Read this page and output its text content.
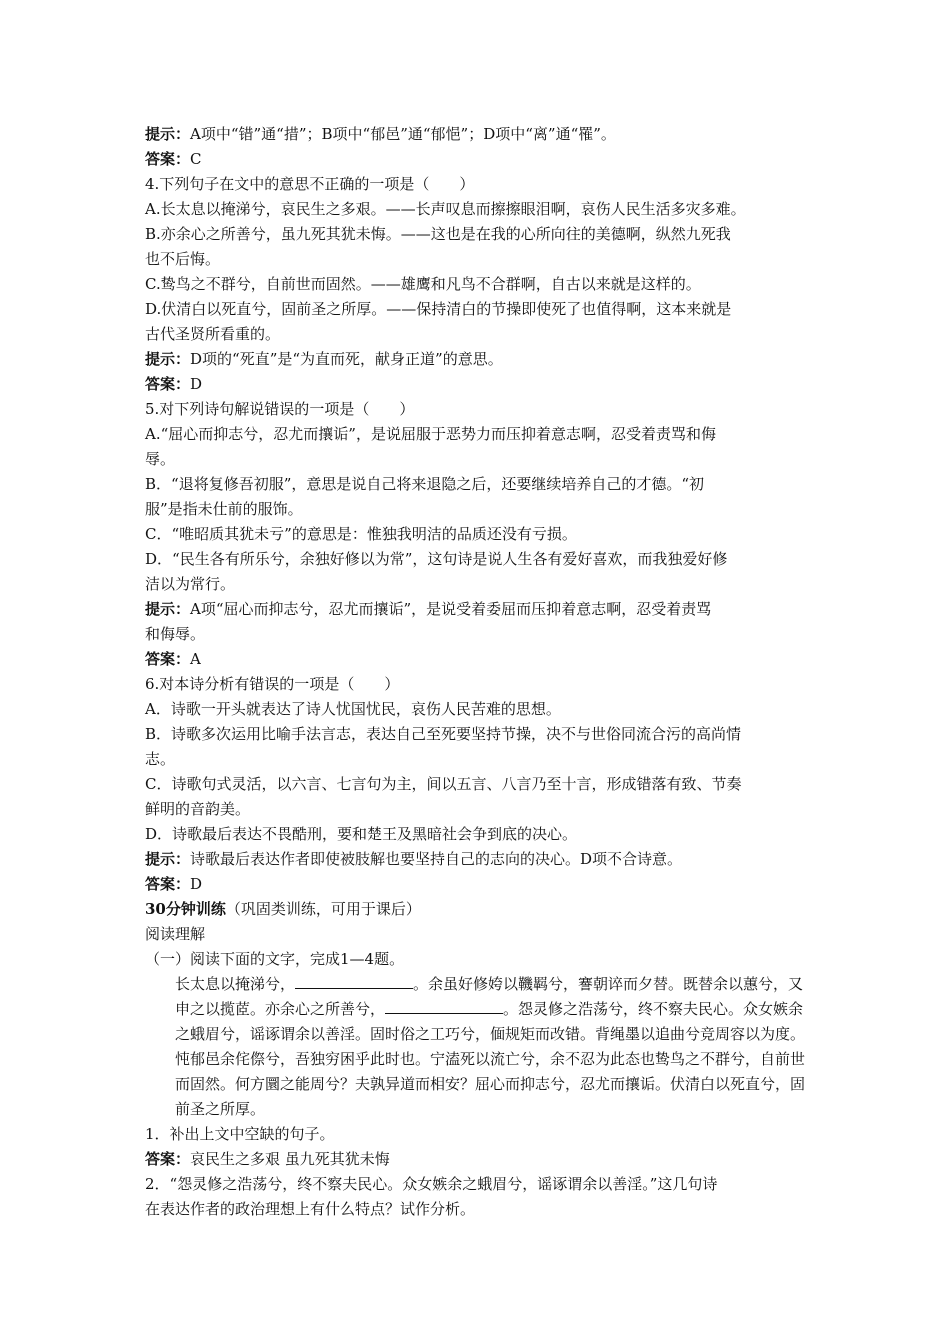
提示：A项中“错”通“措”；B项中“郁邑”通“郁悒”；D项中“离”通“罹”。
答案：C
4.下列句子在文中的意思不正确的一项是（　　）
A.长太息以掩涕兮，哀民生之多艰。——长声叹息而擦擦眼泪啊，哀伤人民生活多灾多难。
B.亦余心之所善兮，虽九死其犹未悔。——这也是在我的心所向往的美德啊，纵然九死我
也不后悔。
C.鸷鸟之不群兮，自前世而固然。——雄鹰和凡鸟不合群啊，自古以来就是这样的。
D.伏清白以死直兮，固前圣之所厚。——保持清白的节操即使死了也值得啊，这本来就是
古代圣贤所看重的。
提示：D项的“死直”是“为直而死，献身正道”的意思。
答案：D
5.对下列诗句解说错误的一项是（　　）
A.“屈心而抑志兮，忍尤而攘诟”，是说屈服于恶势力而压抑着意志啊，忍受着责骂和侮
辱。
B．“退将复修吾初服”，意思是说自己将来退隐之后，还要继续培养自己的才德。“初
服”是指未仕前的服饰。
C．“唯昭质其犹未亏”的意思是：惟独我明洁的品质还没有亏损。
D．“民生各有所乐兮，余独好修以为常”，这句诗是说人生各有爱好喜欢，而我独爱好修
洁以为常行。
提示：A项“屈心而抑志兮，忍尤而攘诟”，是说受着委屈而压抑着意志啊，忍受着责骂
和侮辱。
答案：A
6.对本诗分析有错误的一项是（　　）
A．诗歌一开头就表达了诗人忧国忧民，哀伤人民苦难的思想。
B．诗歌多次运用比喻手法言志，表达自己至死要坚持节操，决不与世俗同流合污的高尚情
志。
C．诗歌句式灵活，以六言、七言句为主，间以五言、八言乃至十言，形成错落有致、节奏
鲜明的音韵美。
D．诗歌最后表达不畏酷刑，要和楚王及黑暗社会争到底的决心。
提示：诗歌最后表达作者即使被肢解也要坚持自己的志向的决心。D项不合诗意。
答案：D
30分钟训练（巩固类训练，可用于课后）
阅读理解
（一）阅读下面的文字，完成1—4题。
长太息以掩涕兮，	。余虽好修姱以鞿羁兮，謇朝谇而夕替。既替余以蕙兮，又申之以揽茝。亦余心之所善兮，	。怨灵修之浩荡兮，终不察夫民心。众女嫉余之蛾眉兮，谣诼谓余以善淫。固时俗之工巧兮，偭规矩而改错。背绳墨以追曲兮竞周容以为度。忳郁邑余侘傺兮，吾独穷困乎此时也。宁溘死以流亡兮，余不忍为此态也鸷鸟之不群兮，自前世而固然。何方圜之能周兮？夫孰异道而相安？屈心而抑志兮，忍尤而攘诟。伏清白以死直兮，固前圣之所厚。
1．补出上文中空缺的句子。
答案：哀民生之多艰 虽九死其犹未悔
2．“怨灵修之浩荡兮，终不察夫民心。众女嫉余之蛾眉兮，谣诼谓余以善淫。”这几句诗
在表达作者的政治理想上有什么特点？试作分析。
